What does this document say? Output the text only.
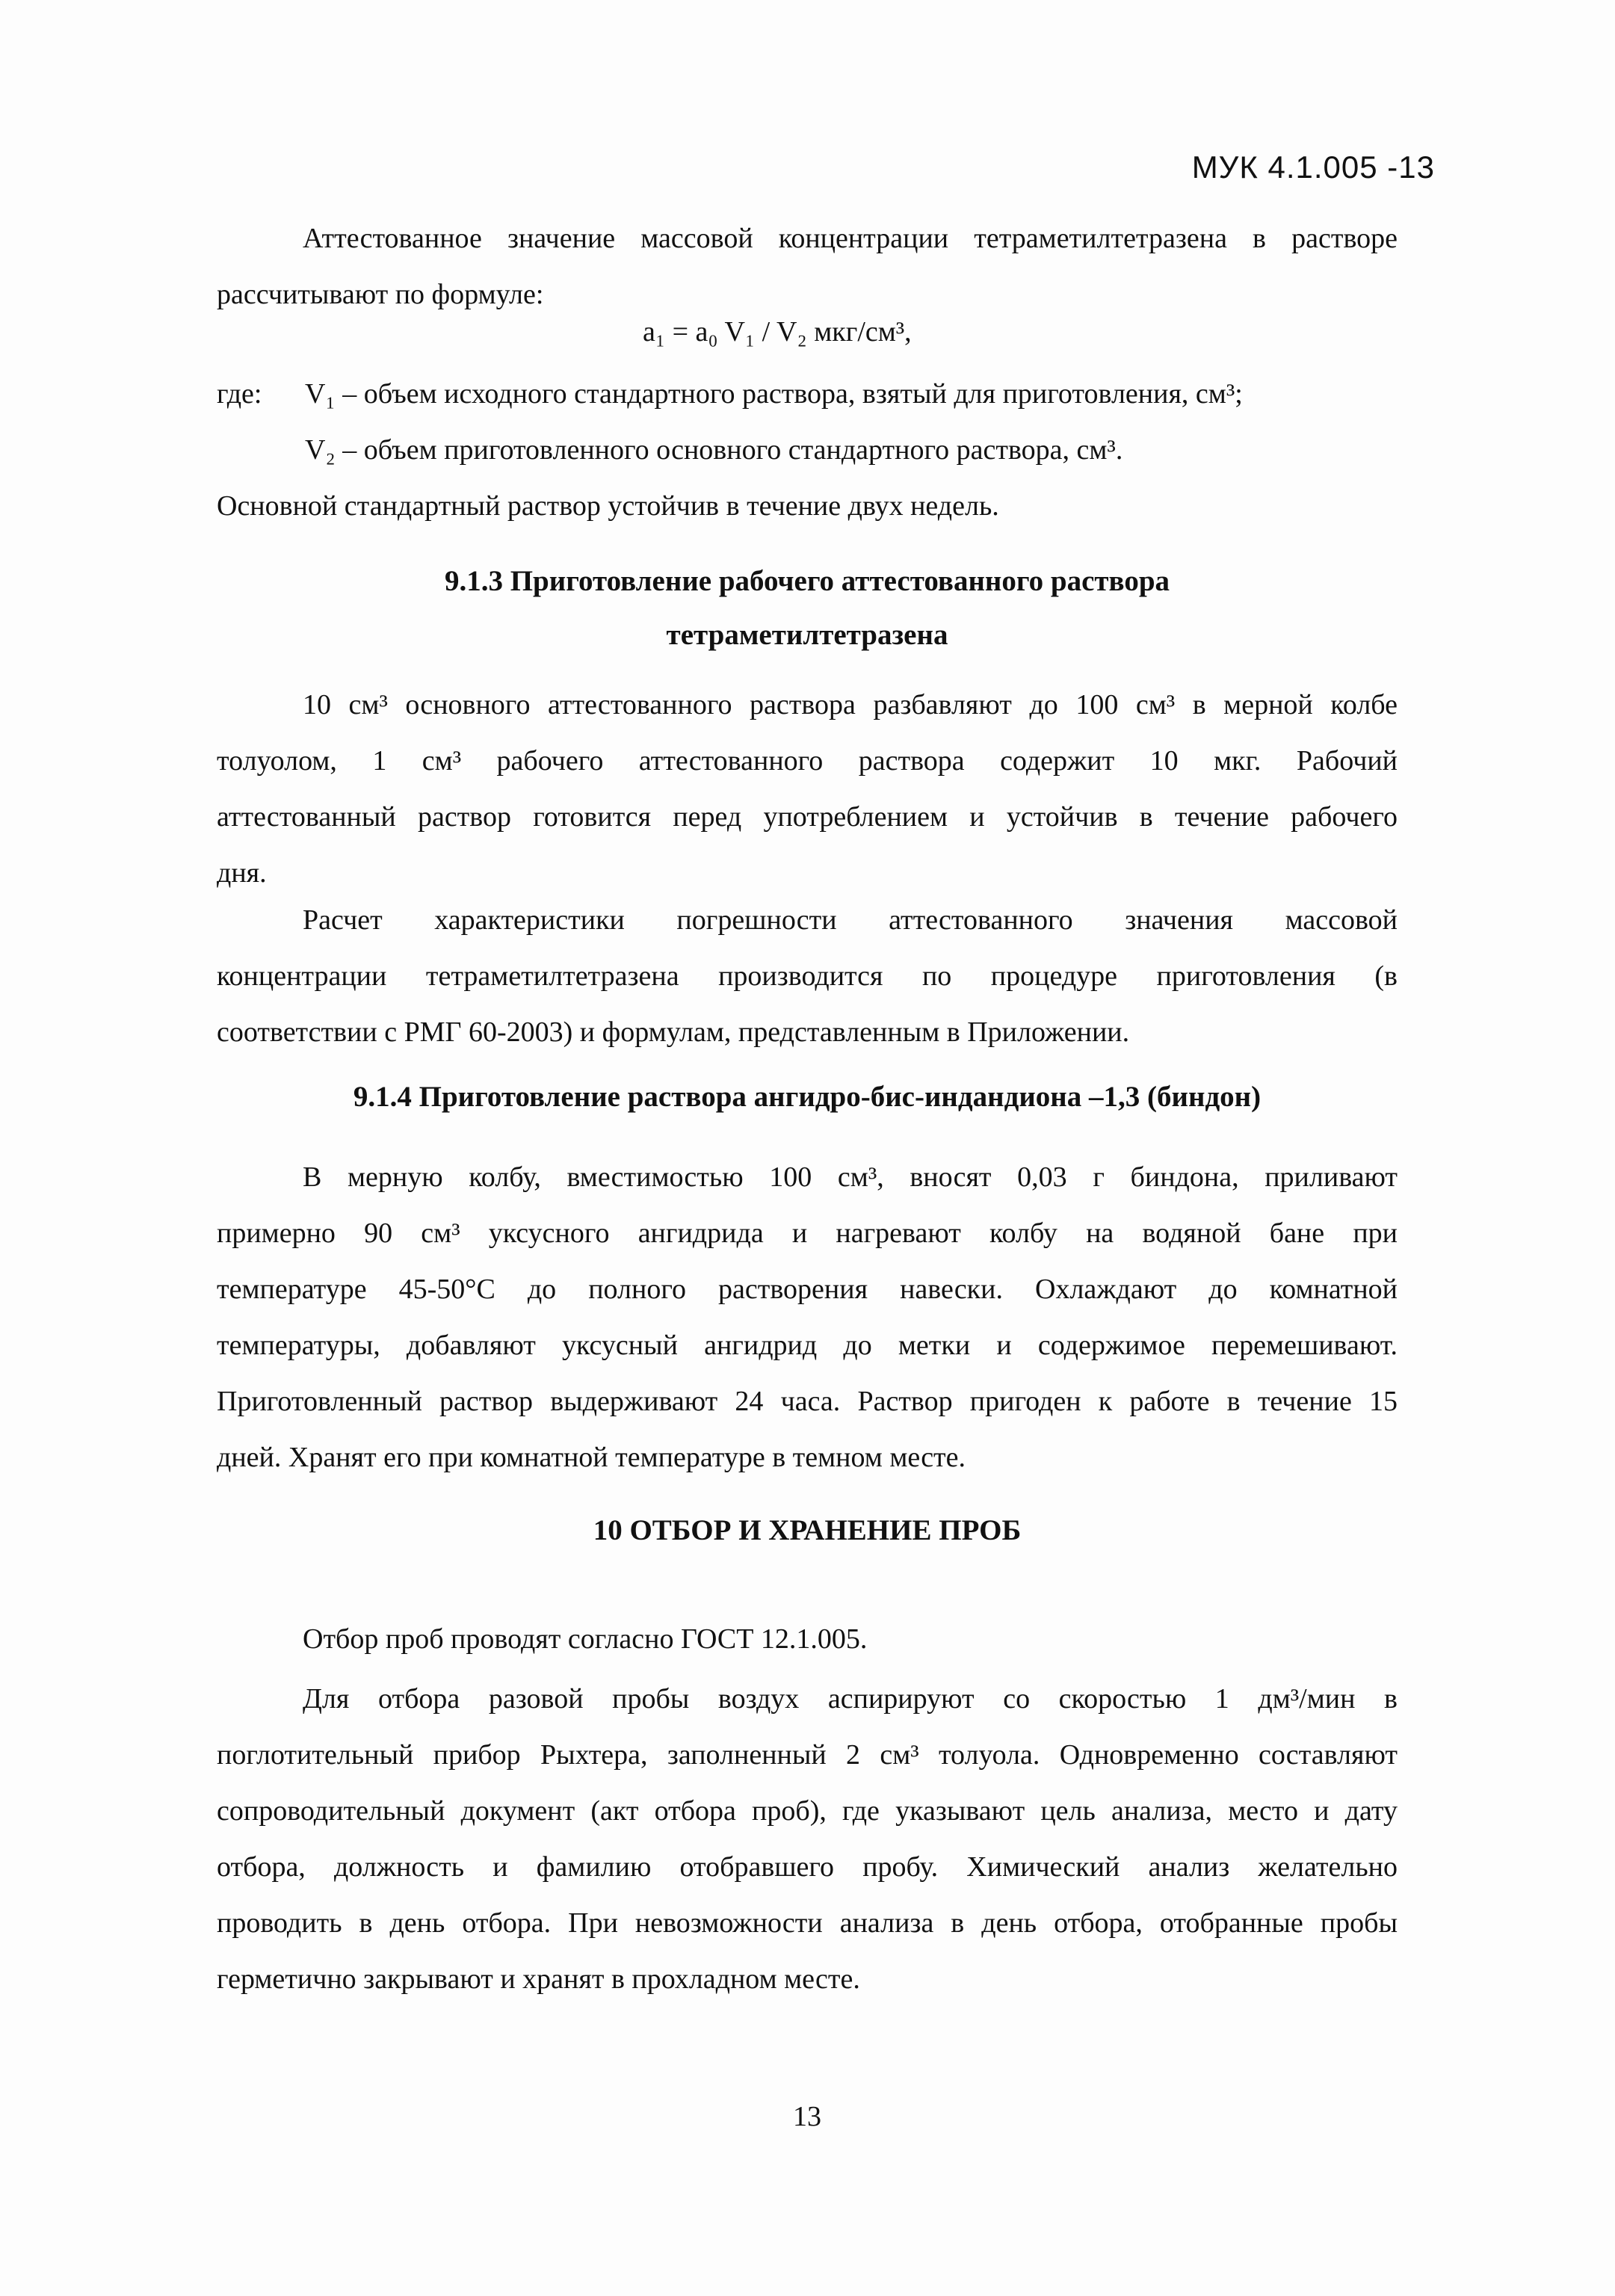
МУК 4.1.005 -13
Аттестованное значение массовой концентрации тетраметилтетразена в растворе
рассчитывают по формуле:
a₁ = a₀ V₁ / V₂ мкг/см³,
где: V₁ – объем исходного стандартного раствора, взятый для приготовления, см³;
V₂ – объем приготовленного основного стандартного раствора, см³.
Основной стандартный раствор устойчив в течение двух недель.
9.1.3 Приготовление рабочего аттестованного раствора
тетраметилтетразена
10 см³ основного аттестованного раствора разбавляют до 100 см³ в мерной колбе
толуолом, 1 см³ рабочего аттестованного раствора содержит 10 мкг. Рабочий
аттестованный раствор готовится перед употреблением и устойчив в течение рабочего
дня.
Расчет характеристики погрешности аттестованного значения массовой
концентрации тетраметилтетразена производится по процедуре приготовления (в
соответствии с РМГ 60-2003) и формулам, представленным в Приложении.
9.1.4 Приготовление раствора ангидро-бис-индандиона –1,3 (биндон)
В мерную колбу, вместимостью 100 см³, вносят 0,03 г биндона, приливают
примерно 90 см³ уксусного ангидрида и нагревают колбу на водяной бане при
температуре 45-50°С до полного растворения навески. Охлаждают до комнатной
температуры, добавляют уксусный ангидрид до метки и содержимое перемешивают.
Приготовленный раствор выдерживают 24 часа. Раствор пригоден к работе в течение 15
дней. Хранят его при комнатной температуре в темном месте.
10 ОТБОР И ХРАНЕНИЕ ПРОБ
Отбор проб проводят согласно ГОСТ 12.1.005.
Для отбора разовой пробы воздух аспирируют со скоростью 1 дм³/мин в
поглотительный прибор Рыхтера, заполненный 2 см³ толуола. Одновременно составляют
сопроводительный документ (акт отбора проб), где указывают цель анализа, место и дату
отбора, должность и фамилию отобравшего пробу. Химический анализ желательно
проводить в день отбора. При невозможности анализа в день отбора, отобранные пробы
герметично закрывают и хранят в прохладном месте.
13
